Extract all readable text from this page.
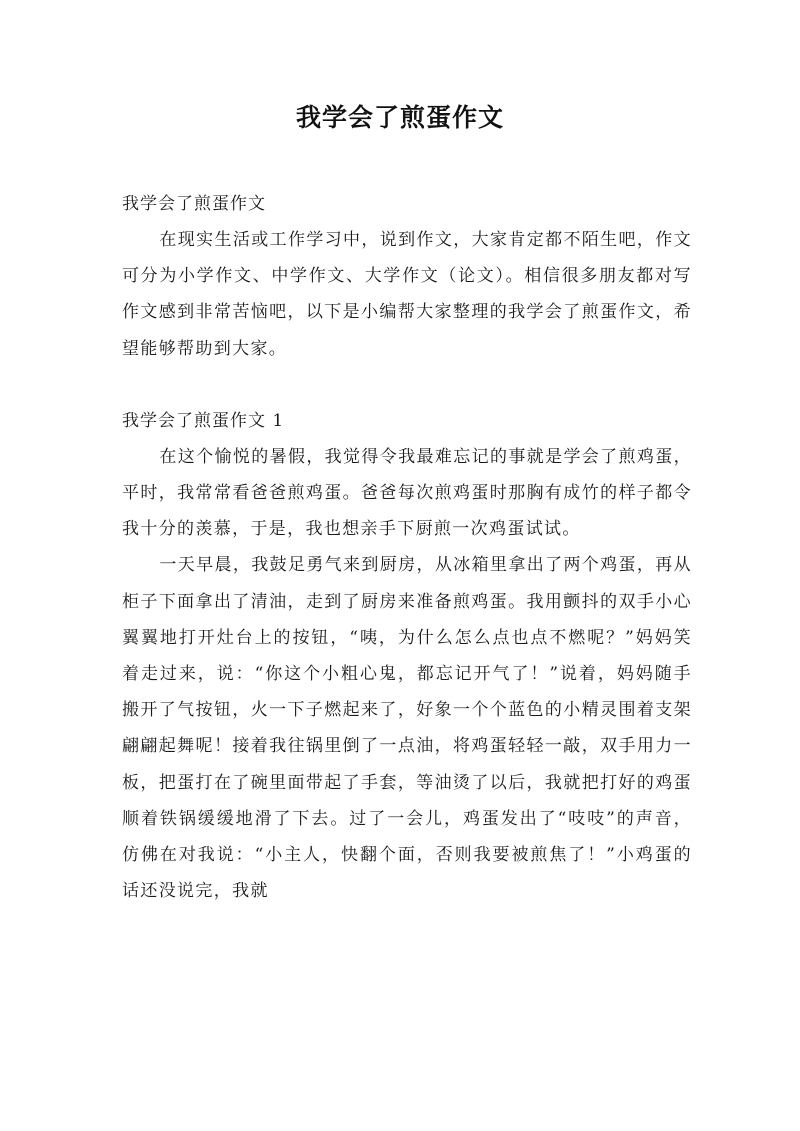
我学会了煎蛋作文

我学会了煎蛋作文

在现实生活或工作学习中，说到作文，大家肯定都不陌生吧，作文可分为小学作文、中学作文、大学作文（论文）。相信很多朋友都对写作文感到非常苦恼吧，以下是小编帮大家整理的我学会了煎蛋作文，希望能够帮助到大家。

我学会了煎蛋作文 1

在这个愉悦的暑假，我觉得令我最难忘记的事就是学会了煎鸡蛋，平时，我常常看爸爸煎鸡蛋。爸爸每次煎鸡蛋时那胸有成竹的样子都令我十分的羡慕，于是，我也想亲手下厨煎一次鸡蛋试试。

一天早晨，我鼓足勇气来到厨房，从冰箱里拿出了两个鸡蛋，再从柜子下面拿出了清油，走到了厨房来准备煎鸡蛋。我用颤抖的双手小心翼翼地打开灶台上的按钮，“咦，为什么怎么点也点不燃呢？”妈妈笑着走过来，说：“你这个小粗心鬼，都忘记开气了！”说着，妈妈随手搬开了气按钮，火一下子燃起来了，好象一个个蓝色的小精灵围着支架翩翩起舞呢！接着我往锅里倒了一点油，将鸡蛋轻轻一敲，双手用力一板，把蛋打在了碗里面带起了手套，等油烫了以后，我就把打好的鸡蛋顺着铁锅缓缓地滑了下去。过了一会儿，鸡蛋发出了“吱吱”的声音，仿佛在对我说：“小主人，快翻个面，否则我要被煎焦了！”小鸡蛋的话还没说完，我就
